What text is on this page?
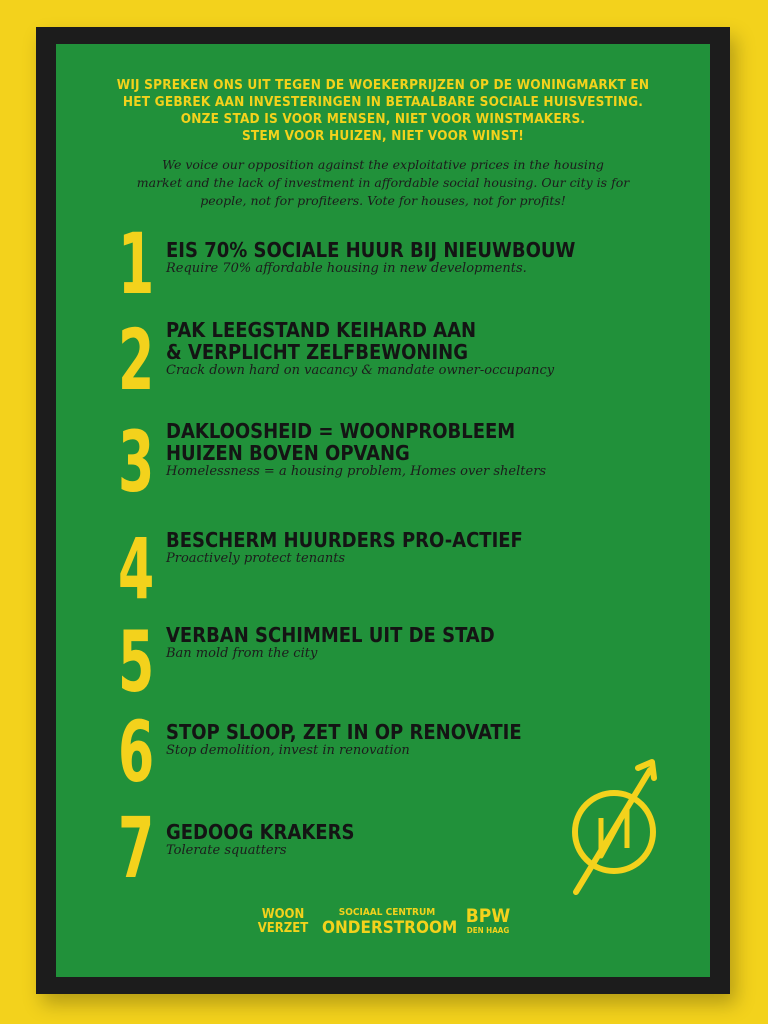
WIJ SPREKEN ONS UIT TEGEN DE WOEKERPRIJZEN OP DE WONINGMARKT EN
HET GEBREK AAN INVESTERINGEN IN BETAALBARE SOCIALE HUISVESTING.
ONZE STAD IS VOOR MENSEN, NIET VOOR WINSTMAKERS.
STEM VOOR HUIZEN, NIET VOOR WINST!
We voice our opposition against the exploitative prices in the housing
market and the lack of investment in affordable social housing. Our city is for
people, not for profiteers. Vote for houses, not for profits!
1 EIS 70% SOCIALE HUUR BIJ NIEUWBOUW
Require 70% affordable housing in new developments.
2 PAK LEEGSTAND KEIHARD AAN
& VERPLICHT ZELFBEWONING
Crack down hard on vacancy & mandate owner-occupancy
3 DAKLOOSHEID = WOONPROBLEEM
HUIZEN BOVEN OPVANG
Homelessness = a housing problem, Homes over shelters
4 BESCHERM HUURDERS PRO-ACTIEF
Proactively protect tenants
5 VERBAN SCHIMMEL UIT DE STAD
Ban mold from the city
6 STOP SLOOP, ZET IN OP RENOVATIE
Stop demolition, invest in renovation
7 GEDOOG KRAKERS
Tolerate squatters
WOON
VERZET
SOCIAAL CENTRUM
ONDERSTROOM
BPW
DEN HAAG
